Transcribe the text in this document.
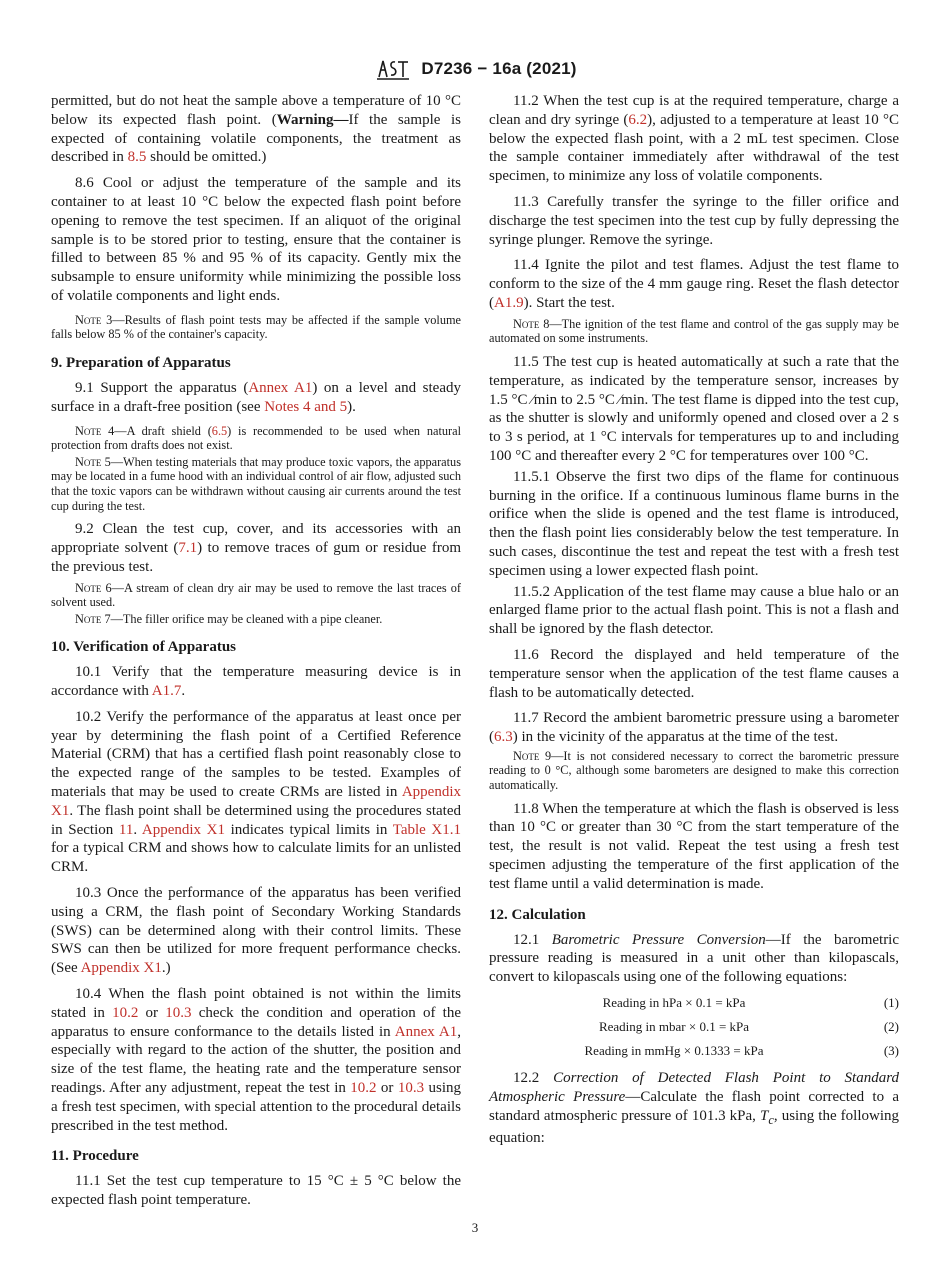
D7236 − 16a (2021)

permitted, but do not heat the sample above a temperature of 10 °C below its expected flash point. (Warning—If the sample is expected of containing volatile components, the treatment as described in 8.5 should be omitted.)

8.6 Cool or adjust the temperature of the sample and its container to at least 10 °C below the expected flash point before opening to remove the test specimen. If an aliquot of the original sample is to be stored prior to testing, ensure that the container is filled to between 85 % and 95 % of its capacity. Gently mix the subsample to ensure uniformity while minimizing the possible loss of volatile components and light ends.

Note 3—Results of flash point tests may be affected if the sample volume falls below 85 % of the container's capacity.

9. Preparation of Apparatus

9.1 Support the apparatus (Annex A1) on a level and steady surface in a draft-free position (see Notes 4 and 5).

Note 4—A draft shield (6.5) is recommended to be used when natural protection from drafts does not exist.

Note 5—When testing materials that may produce toxic vapors, the apparatus may be located in a fume hood with an individual control of air flow, adjusted such that the toxic vapors can be withdrawn without causing air currents around the test cup during the test.

9.2 Clean the test cup, cover, and its accessories with an appropriate solvent (7.1) to remove traces of gum or residue from the previous test.

Note 6—A stream of clean dry air may be used to remove the last traces of solvent used.

Note 7—The filler orifice may be cleaned with a pipe cleaner.

10. Verification of Apparatus

10.1 Verify that the temperature measuring device is in accordance with A1.7.

10.2 Verify the performance of the apparatus at least once per year by determining the flash point of a Certified Reference Material (CRM) that has a certified flash point reasonably close to the expected range of the samples to be tested. Examples of materials that may be used to create CRMs are listed in Appendix X1. The flash point shall be determined using the procedures stated in Section 11. Appendix X1 indicates typical limits in Table X1.1 for a typical CRM and shows how to calculate limits for an unlisted CRM.

10.3 Once the performance of the apparatus has been verified using a CRM, the flash point of Secondary Working Standards (SWS) can be determined along with their control limits. These SWS can then be utilized for more frequent performance checks. (See Appendix X1.)

10.4 When the flash point obtained is not within the limits stated in 10.2 or 10.3 check the condition and operation of the apparatus to ensure conformance to the details listed in Annex A1, especially with regard to the action of the shutter, the position and size of the test flame, the heating rate and the temperature sensor readings. After any adjustment, repeat the test in 10.2 or 10.3 using a fresh test specimen, with special attention to the procedural details prescribed in the test method.

11. Procedure

11.1 Set the test cup temperature to 15 °C ± 5 °C below the expected flash point temperature.

11.2 When the test cup is at the required temperature, charge a clean and dry syringe (6.2), adjusted to a temperature at least 10 °C below the expected flash point, with a 2 mL test specimen. Close the sample container immediately after withdrawal of the test specimen, to minimize any loss of volatile components.

11.3 Carefully transfer the syringe to the filler orifice and discharge the test specimen into the test cup by fully depressing the syringe plunger. Remove the syringe.

11.4 Ignite the pilot and test flames. Adjust the test flame to conform to the size of the 4 mm gauge ring. Reset the flash detector (A1.9). Start the test.

Note 8—The ignition of the test flame and control of the gas supply may be automated on some instruments.

11.5 The test cup is heated automatically at such a rate that the temperature, as indicated by the temperature sensor, increases by 1.5 °C ⁄min to 2.5 °C ⁄min. The test flame is dipped into the test cup, as the shutter is slowly and uniformly opened and closed over a 2 s to 3 s period, at 1 °C intervals for temperatures up to and including 100 °C and thereafter every 2 °C for temperatures over 100 °C.

11.5.1 Observe the first two dips of the flame for continuous burning in the orifice. If a continuous luminous flame burns in the orifice when the slide is opened and the test flame is introduced, then the flash point lies considerably below the test temperature. In such cases, discontinue the test and repeat the test with a fresh test specimen using a lower expected flash point.

11.5.2 Application of the test flame may cause a blue halo or an enlarged flame prior to the actual flash point. This is not a flash and shall be ignored by the flash detector.

11.6 Record the displayed and held temperature of the temperature sensor when the application of the test flame causes a flash to be automatically detected.

11.7 Record the ambient barometric pressure using a barometer (6.3) in the vicinity of the apparatus at the time of the test.

Note 9—It is not considered necessary to correct the barometric pressure reading to 0 °C, although some barometers are designed to make this correction automatically.

11.8 When the temperature at which the flash is observed is less than 10 °C or greater than 30 °C from the start temperature of the test, the result is not valid. Repeat the test using a fresh test specimen adjusting the temperature of the first application of the test flame until a valid determination is made.

12. Calculation

12.1 Barometric Pressure Conversion—If the barometric pressure reading is measured in a unit other than kilopascals, convert to kilopascals using one of the following equations:

Reading in hPa × 0.1 = kPa	(1)
Reading in mbar × 0.1 = kPa	(2)
Reading in mmHg × 0.1333 = kPa	(3)

12.2 Correction of Detected Flash Point to Standard Atmospheric Pressure—Calculate the flash point corrected to a standard atmospheric pressure of 101.3 kPa, $T_c$, using the following equation:

3
